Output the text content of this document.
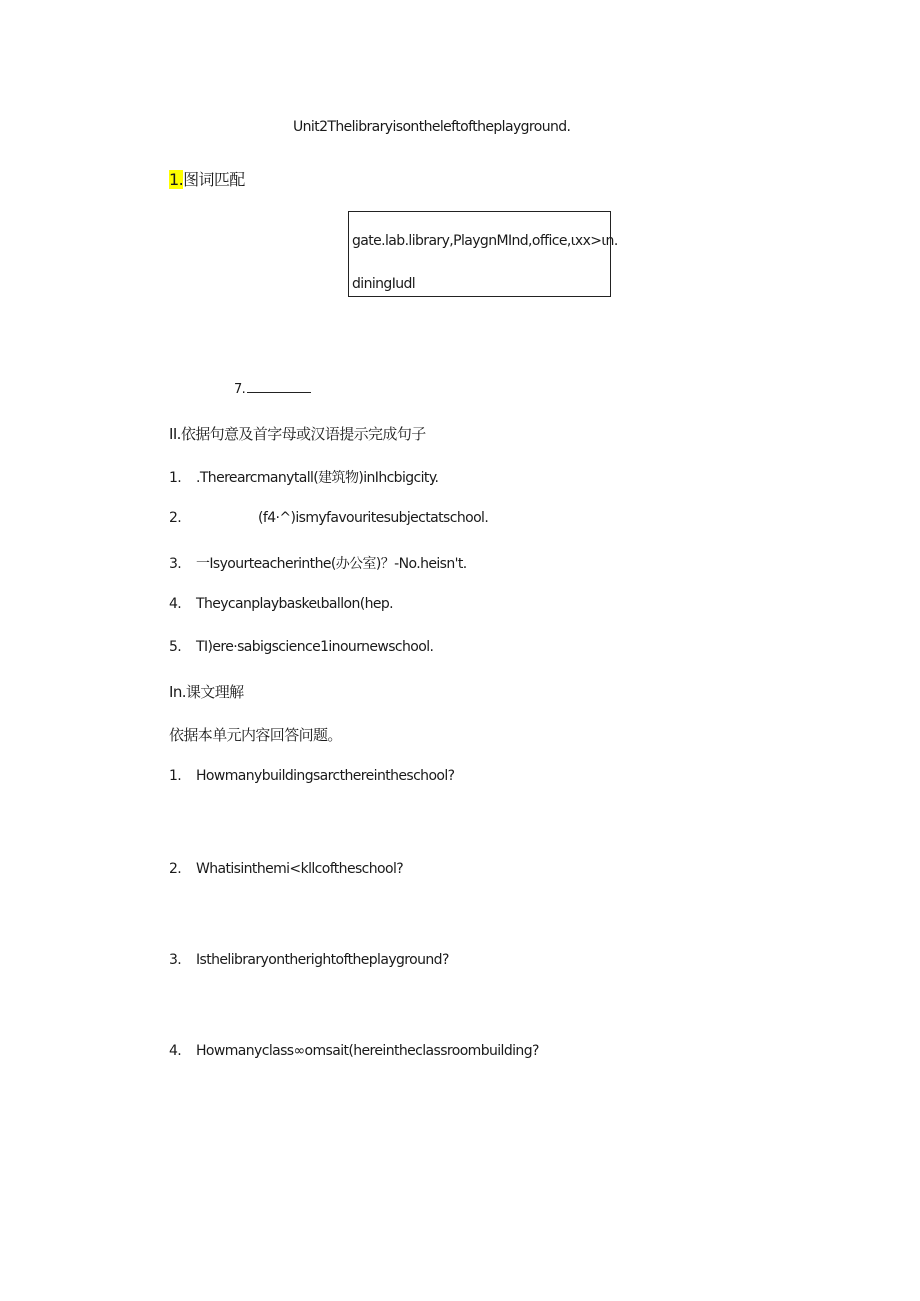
Unit2Thelibraryisontheleftoftheplayground.
1.图词匹配
gate.lab.library,PlaygnMInd,office,ιxx>ιn.
diningIudl
7.
II.依据句意及首字母或汉语提示完成句子
1. .Therearcmanytall(建筑物)inIhcbigcity.
2.	(f4·^)ismyfavouritesubjectatschool.
3. 一Isyourteacherinthe(办公室)？-No.heisn't.
4. Theycanplaybaskeιballon(hep.
5. TI)ere·sabigscience1inournewschool.
In.课文理解
依据本单元内容回答问题。
1. Howmanybuildingsarcthereintheschool?
2. Whatisinthemi<kllcoftheschool?
3. Isthelibraryontherightoftheplayground?
4. Howmanyclass∞omsait(hereintheclassroombuilding?
